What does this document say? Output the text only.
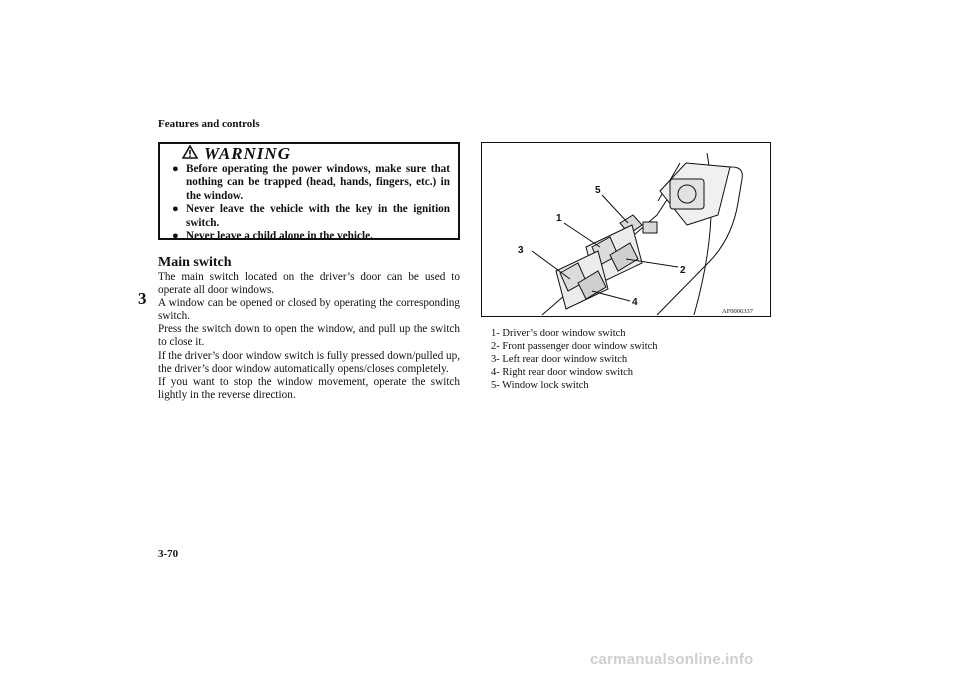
Features and controls
3
WARNING
● Before operating the power windows, make sure that nothing can be trapped (head, hands, fingers, etc.) in the window.
● Never leave the vehicle with the key in the ignition switch.
● Never leave a child alone in the vehicle.
Main switch

The main switch located on the driver’s door can be used to operate all door windows.

A window can be opened or closed by operating the corresponding switch.

Press the switch down to open the window, and pull up the switch to close it.

If the driver’s door window switch is fully pressed down/pulled up, the driver’s door window automatically opens/closes completely.

If you want to stop the window movement, operate the switch lightly in the reverse direction.

1
2
3
4
5
AF0006337
1- Driver’s door window switch
2- Front passenger door window switch
3- Left rear door window switch
4- Right rear door window switch
5- Window lock switch
3-70
carmanualsonline.info
